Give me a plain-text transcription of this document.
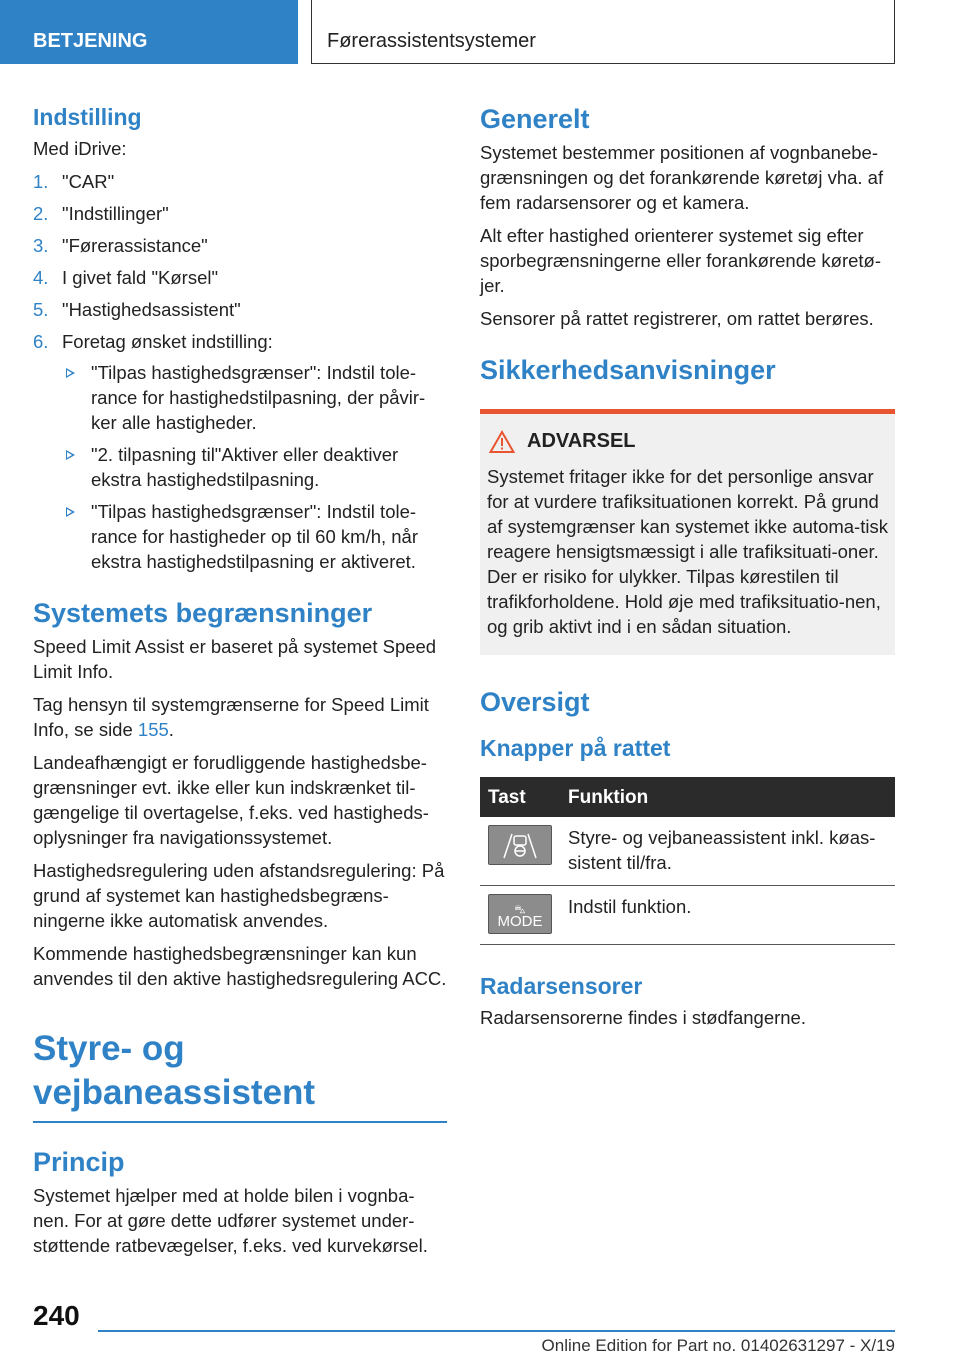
BETJENING	Førerassistentsystemer
Indstilling

Med iDrive:

1. "CAR"
2. "Indstillinger"
3. "Førerassistance"
4. I givet fald "Kørsel"
5. "Hastighedsassistent"
6. Foretag ønsket indstilling:
"Tilpas hastighedsgrænser": Indstil tole-rance for hastighedstilpasning, der påvir-ker alle hastigheder.
"2. tilpasning til"Aktiver eller deaktiver ekstra hastighedstilpasning.
"Tilpas hastighedsgrænser": Indstil tole-rance for hastigheder op til 60 km/h, når ekstra hastighedstilpasning er aktiveret.
Systemets begrænsninger

Speed Limit Assist er baseret på systemet Speed Limit Info.

Tag hensyn til systemgrænserne for Speed Limit Info, se side 155.

Landeafhængigt er forudliggende hastighedsbe-grænsninger evt. ikke eller kun indskrænket til-gængelige til overtagelse, f.eks. ved hastigheds-oplysninger fra navigationssystemet.

Hastighedsregulering uden afstandsregulering: På grund af systemet kan hastighedsbegræns-ningerne ikke automatisk anvendes.

Kommende hastighedsbegrænsninger kan kun anvendes til den aktive hastighedsregulering ACC.

Styre- og vejbaneassistent
Princip

Systemet hjælper med at holde bilen i vognba-nen. For at gøre dette udfører systemet under-støttende ratbevægelser, f.eks. ved kurvekørsel.

Generelt

Systemet bestemmer positionen af vognbanebe-grænsningen og det forankørende køretøj vha. af fem radarsensorer og et kamera.

Alt efter hastighed orienterer systemet sig efter sporbegrænsningerne eller forankørende køretø-jer.

Sensorer på rattet registrerer, om rattet berøres.

Sikkerhedsanvisninger
ADVARSEL
Systemet fritager ikke for det personlige ansvar for at vurdere trafiksituationen korrekt. På grund af systemgrænser kan systemet ikke automa-tisk reagere hensigtsmæssigt i alle trafiksituati-oner. Der er risiko for ulykker. Tilpas kørestilen til trafikforholdene. Hold øje med trafiksituatio-nen, og grib aktivt ind i en sådan situation.
Oversigt
Knapper på rattet
Tast	Funktion

	Styre- og vejbaneassistent inkl. køas-sistent til/fra.

⛍
MODE	Indstil funktion.
Radarsensorer

Radarsensorerne findes i stødfangerne.

240
Online Edition for Part no. 01402631297 - X/19
